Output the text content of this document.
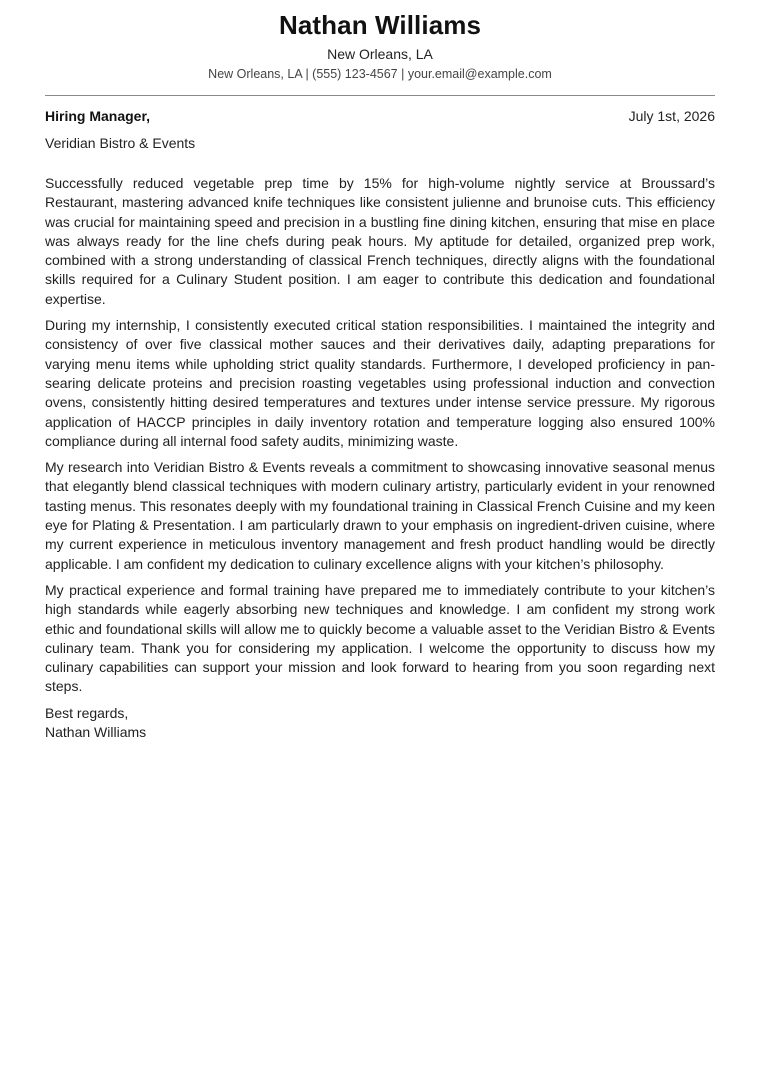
Nathan Williams
New Orleans, LA
New Orleans, LA | (555) 123-4567 | your.email@example.com
Hiring Manager,	July 1st, 2026
Veridian Bistro & Events

Successfully reduced vegetable prep time by 15% for high-volume nightly service at Broussard’s Restaurant, mastering advanced knife techniques like consistent julienne and brunoise cuts. This efficiency was crucial for maintaining speed and precision in a bustling fine dining kitchen, ensuring that mise en place was always ready for the line chefs during peak hours. My aptitude for detailed, organized prep work, combined with a strong understanding of classical French techniques, directly aligns with the foundational skills required for a Culinary Student position. I am eager to contribute this dedication and foundational expertise.

During my internship, I consistently executed critical station responsibilities. I maintained the integrity and consistency of over five classical mother sauces and their derivatives daily, adapting preparations for varying menu items while upholding strict quality standards. Furthermore, I developed proficiency in pan-searing delicate proteins and precision roasting vegetables using professional induction and convection ovens, consistently hitting desired temperatures and textures under intense service pressure. My rigorous application of HACCP principles in daily inventory rotation and temperature logging also ensured 100% compliance during all internal food safety audits, minimizing waste.

My research into Veridian Bistro & Events reveals a commitment to showcasing innovative seasonal menus that elegantly blend classical techniques with modern culinary artistry, particularly evident in your renowned tasting menus. This resonates deeply with my foundational training in Classical French Cuisine and my keen eye for Plating & Presentation. I am particularly drawn to your emphasis on ingredient-driven cuisine, where my current experience in meticulous inventory management and fresh product handling would be directly applicable. I am confident my dedication to culinary excellence aligns with your kitchen’s philosophy.

My practical experience and formal training have prepared me to immediately contribute to your kitchen’s high standards while eagerly absorbing new techniques and knowledge. I am confident my strong work ethic and foundational skills will allow me to quickly become a valuable asset to the Veridian Bistro & Events culinary team. Thank you for considering my application. I welcome the opportunity to discuss how my culinary capabilities can support your mission and look forward to hearing from you soon regarding next steps.

Best regards,
Nathan Williams
